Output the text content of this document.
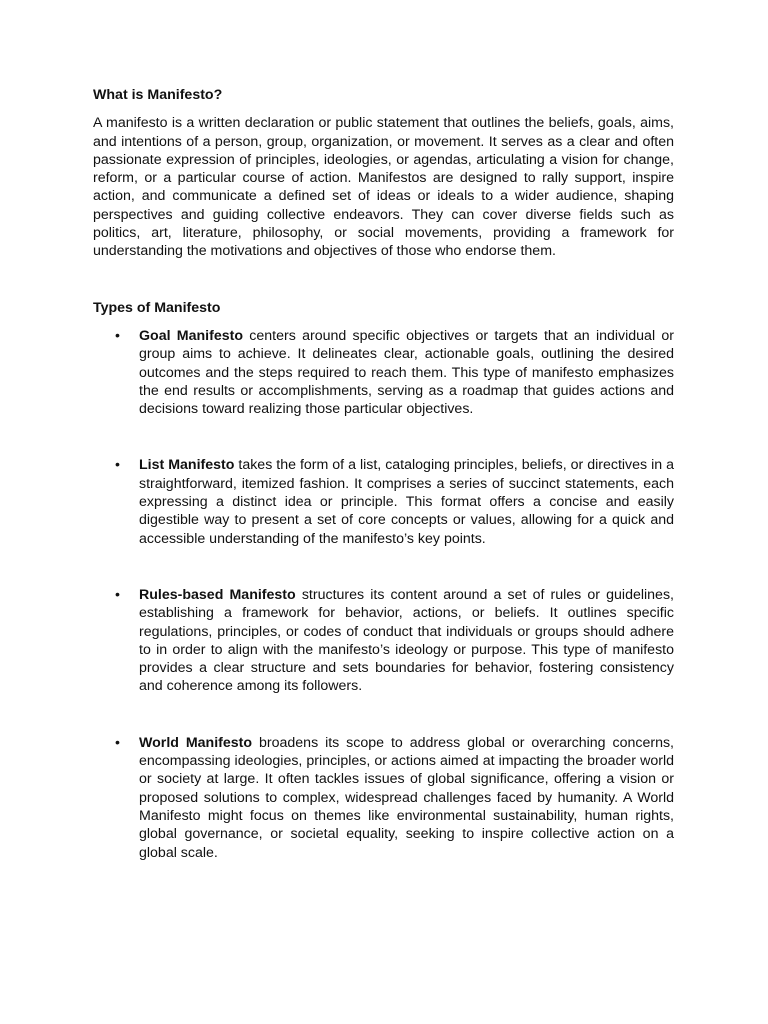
What is Manifesto?

A manifesto is a written declaration or public statement that outlines the beliefs, goals, aims, and intentions of a person, group, organization, or movement. It serves as a clear and often passionate expression of principles, ideologies, or agendas, articulating a vision for change, reform, or a particular course of action. Manifestos are designed to rally support, inspire action, and communicate a defined set of ideas or ideals to a wider audience, shaping perspectives and guiding collective endeavors. They can cover diverse fields such as politics, art, literature, philosophy, or social movements, providing a framework for understanding the motivations and objectives of those who endorse them.

Types of Manifesto

• Goal Manifesto centers around specific objectives or targets that an individual or group aims to achieve. It delineates clear, actionable goals, outlining the desired outcomes and the steps required to reach them. This type of manifesto emphasizes the end results or accomplishments, serving as a roadmap that guides actions and decisions toward realizing those particular objectives.
• List Manifesto takes the form of a list, cataloging principles, beliefs, or directives in a straightforward, itemized fashion. It comprises a series of succinct statements, each expressing a distinct idea or principle. This format offers a concise and easily digestible way to present a set of core concepts or values, allowing for a quick and accessible understanding of the manifesto’s key points.
• Rules-based Manifesto structures its content around a set of rules or guidelines, establishing a framework for behavior, actions, or beliefs. It outlines specific regulations, principles, or codes of conduct that individuals or groups should adhere to in order to align with the manifesto’s ideology or purpose. This type of manifesto provides a clear structure and sets boundaries for behavior, fostering consistency and coherence among its followers.
• World Manifesto broadens its scope to address global or overarching concerns, encompassing ideologies, principles, or actions aimed at impacting the broader world or society at large. It often tackles issues of global significance, offering a vision or proposed solutions to complex, widespread challenges faced by humanity. A World Manifesto might focus on themes like environmental sustainability, human rights, global governance, or societal equality, seeking to inspire collective action on a global scale.
